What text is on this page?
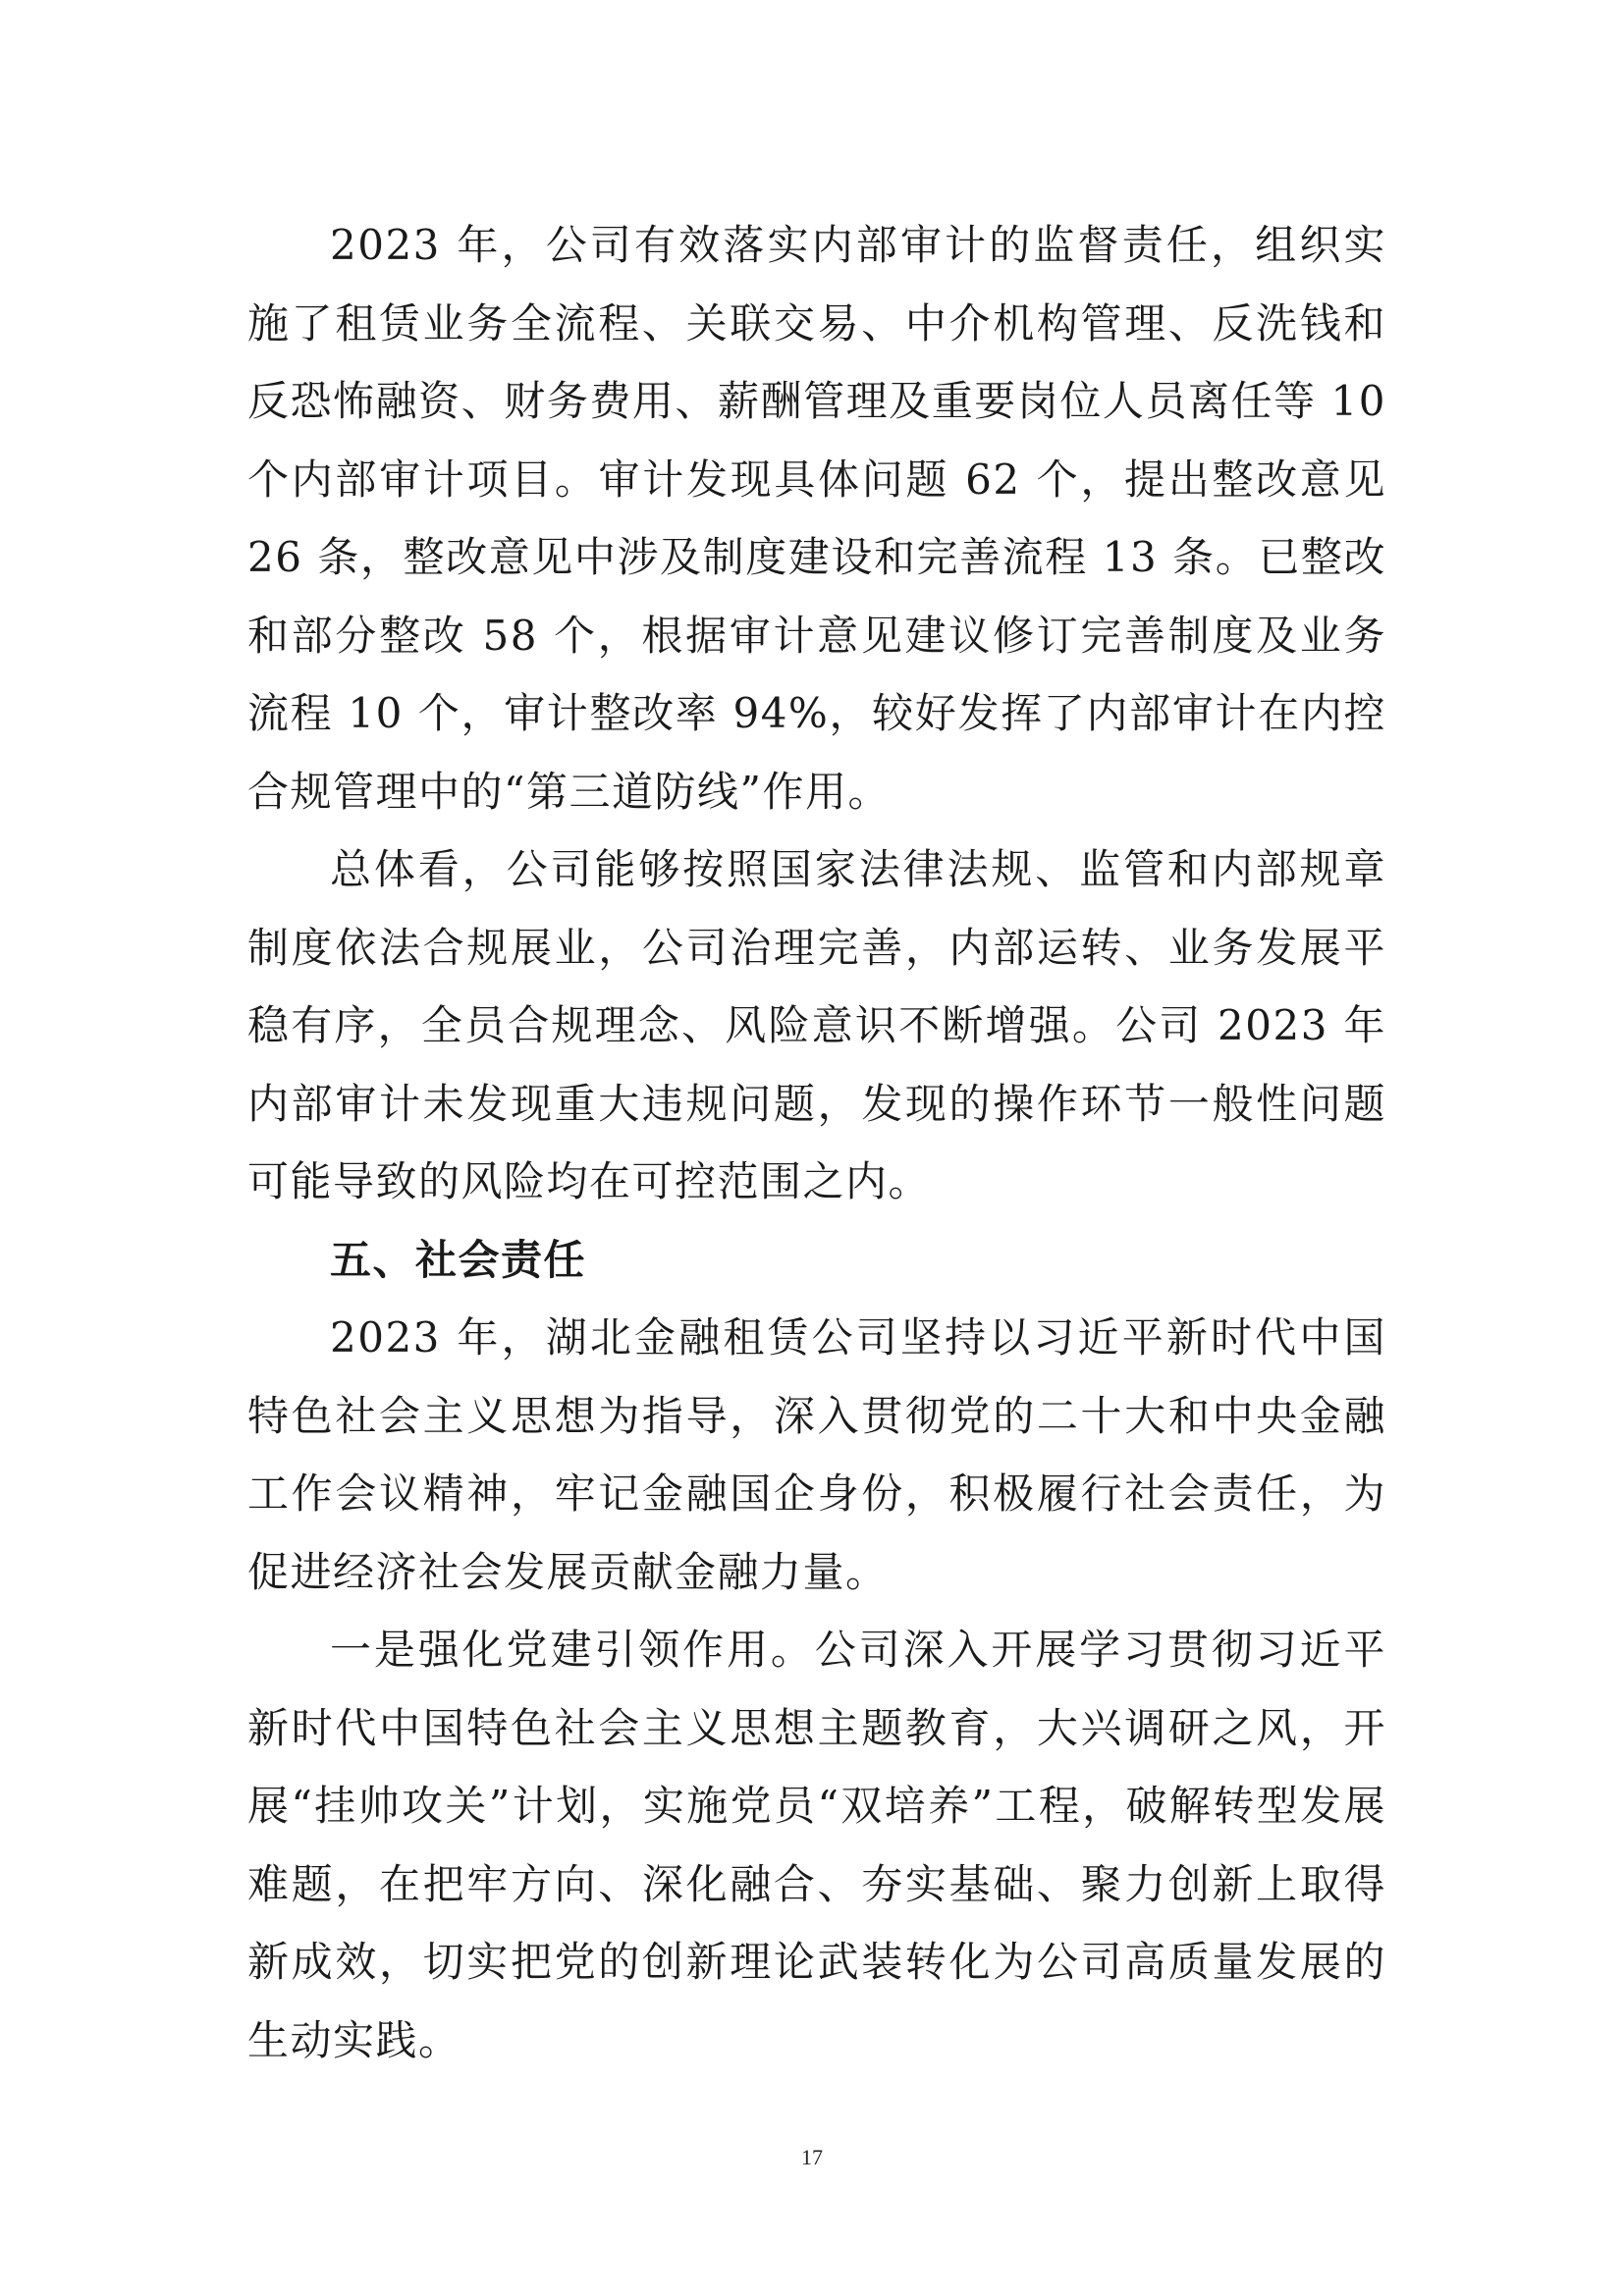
2023 年，公司有效落实内部审计的监督责任，组织实施了租赁业务全流程、关联交易、中介机构管理、反洗钱和反恐怖融资、财务费用、薪酬管理及重要岗位人员离任等 10 个内部审计项目。审计发现具体问题 62 个，提出整改意见 26 条，整改意见中涉及制度建设和完善流程 13 条。已整改和部分整改 58 个，根据审计意见建议修订完善制度及业务流程 10 个，审计整改率 94%，较好发挥了内部审计在内控合规管理中的“第三道防线”作用。

总体看，公司能够按照国家法律法规、监管和内部规章制度依法合规展业，公司治理完善，内部运转、业务发展平稳有序，全员合规理念、风险意识不断增强。公司 2023 年内部审计未发现重大违规问题，发现的操作环节一般性问题可能导致的风险均在可控范围之内。

五、社会责任

2023 年，湖北金融租赁公司坚持以习近平新时代中国特色社会主义思想为指导，深入贯彻党的二十大和中央金融工作会议精神，牢记金融国企身份，积极履行社会责任，为促进经济社会发展贡献金融力量。

一是强化党建引领作用。公司深入开展学习贯彻习近平新时代中国特色社会主义思想主题教育，大兴调研之风，开展“挂帅攻关”计划，实施党员“双培养”工程，破解转型发展难题，在把牢方向、深化融合、夯实基础、聚力创新上取得新成效，切实把党的创新理论武装转化为公司高质量发展的生动实践。

17
